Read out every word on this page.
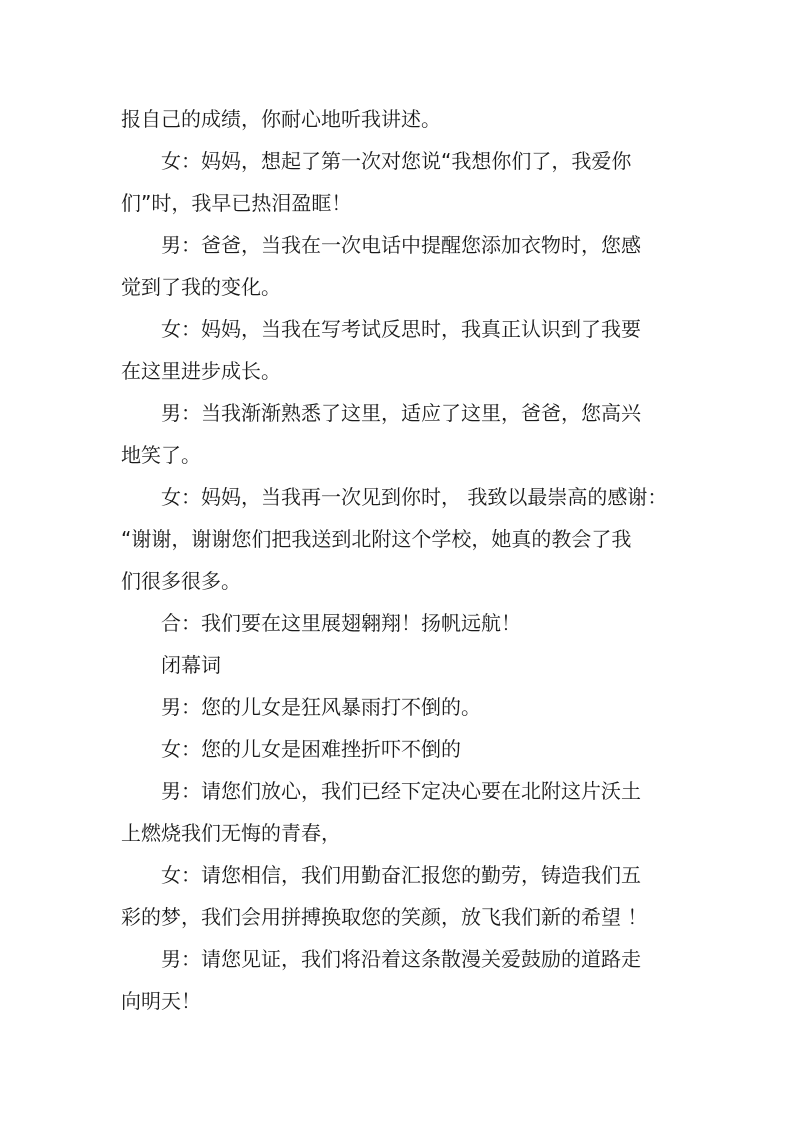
报自己的成绩，你耐心地听我讲述。
女：妈妈，想起了第一次对您说“我想你们了，我爱你
们”时，我早已热泪盈眶！
男：爸爸，当我在一次电话中提醒您添加衣物时，您感
觉到了我的变化。
女：妈妈，当我在写考试反思时，我真正认识到了我要
在这里进步成长。
男：当我渐渐熟悉了这里，适应了这里，爸爸，您高兴
地笑了。
女：妈妈，当我再一次见到你时， 我致以最崇高的感谢：
“谢谢，谢谢您们把我送到北附这个学校，她真的教会了我
们很多很多。
合：我们要在这里展翅翱翔！扬帆远航！
闭幕词
男：您的儿女是狂风暴雨打不倒的。
女：您的儿女是困难挫折吓不倒的
男：请您们放心，我们已经下定决心要在北附这片沃土
上燃烧我们无悔的青春，
女：请您相信，我们用勤奋汇报您的勤劳，铸造我们五
彩的梦，我们会用拼搏换取您的笑颜，放飞我们新的希望 ！
男：请您见证，我们将沿着这条散漫关爱鼓励的道路走
向明天！
